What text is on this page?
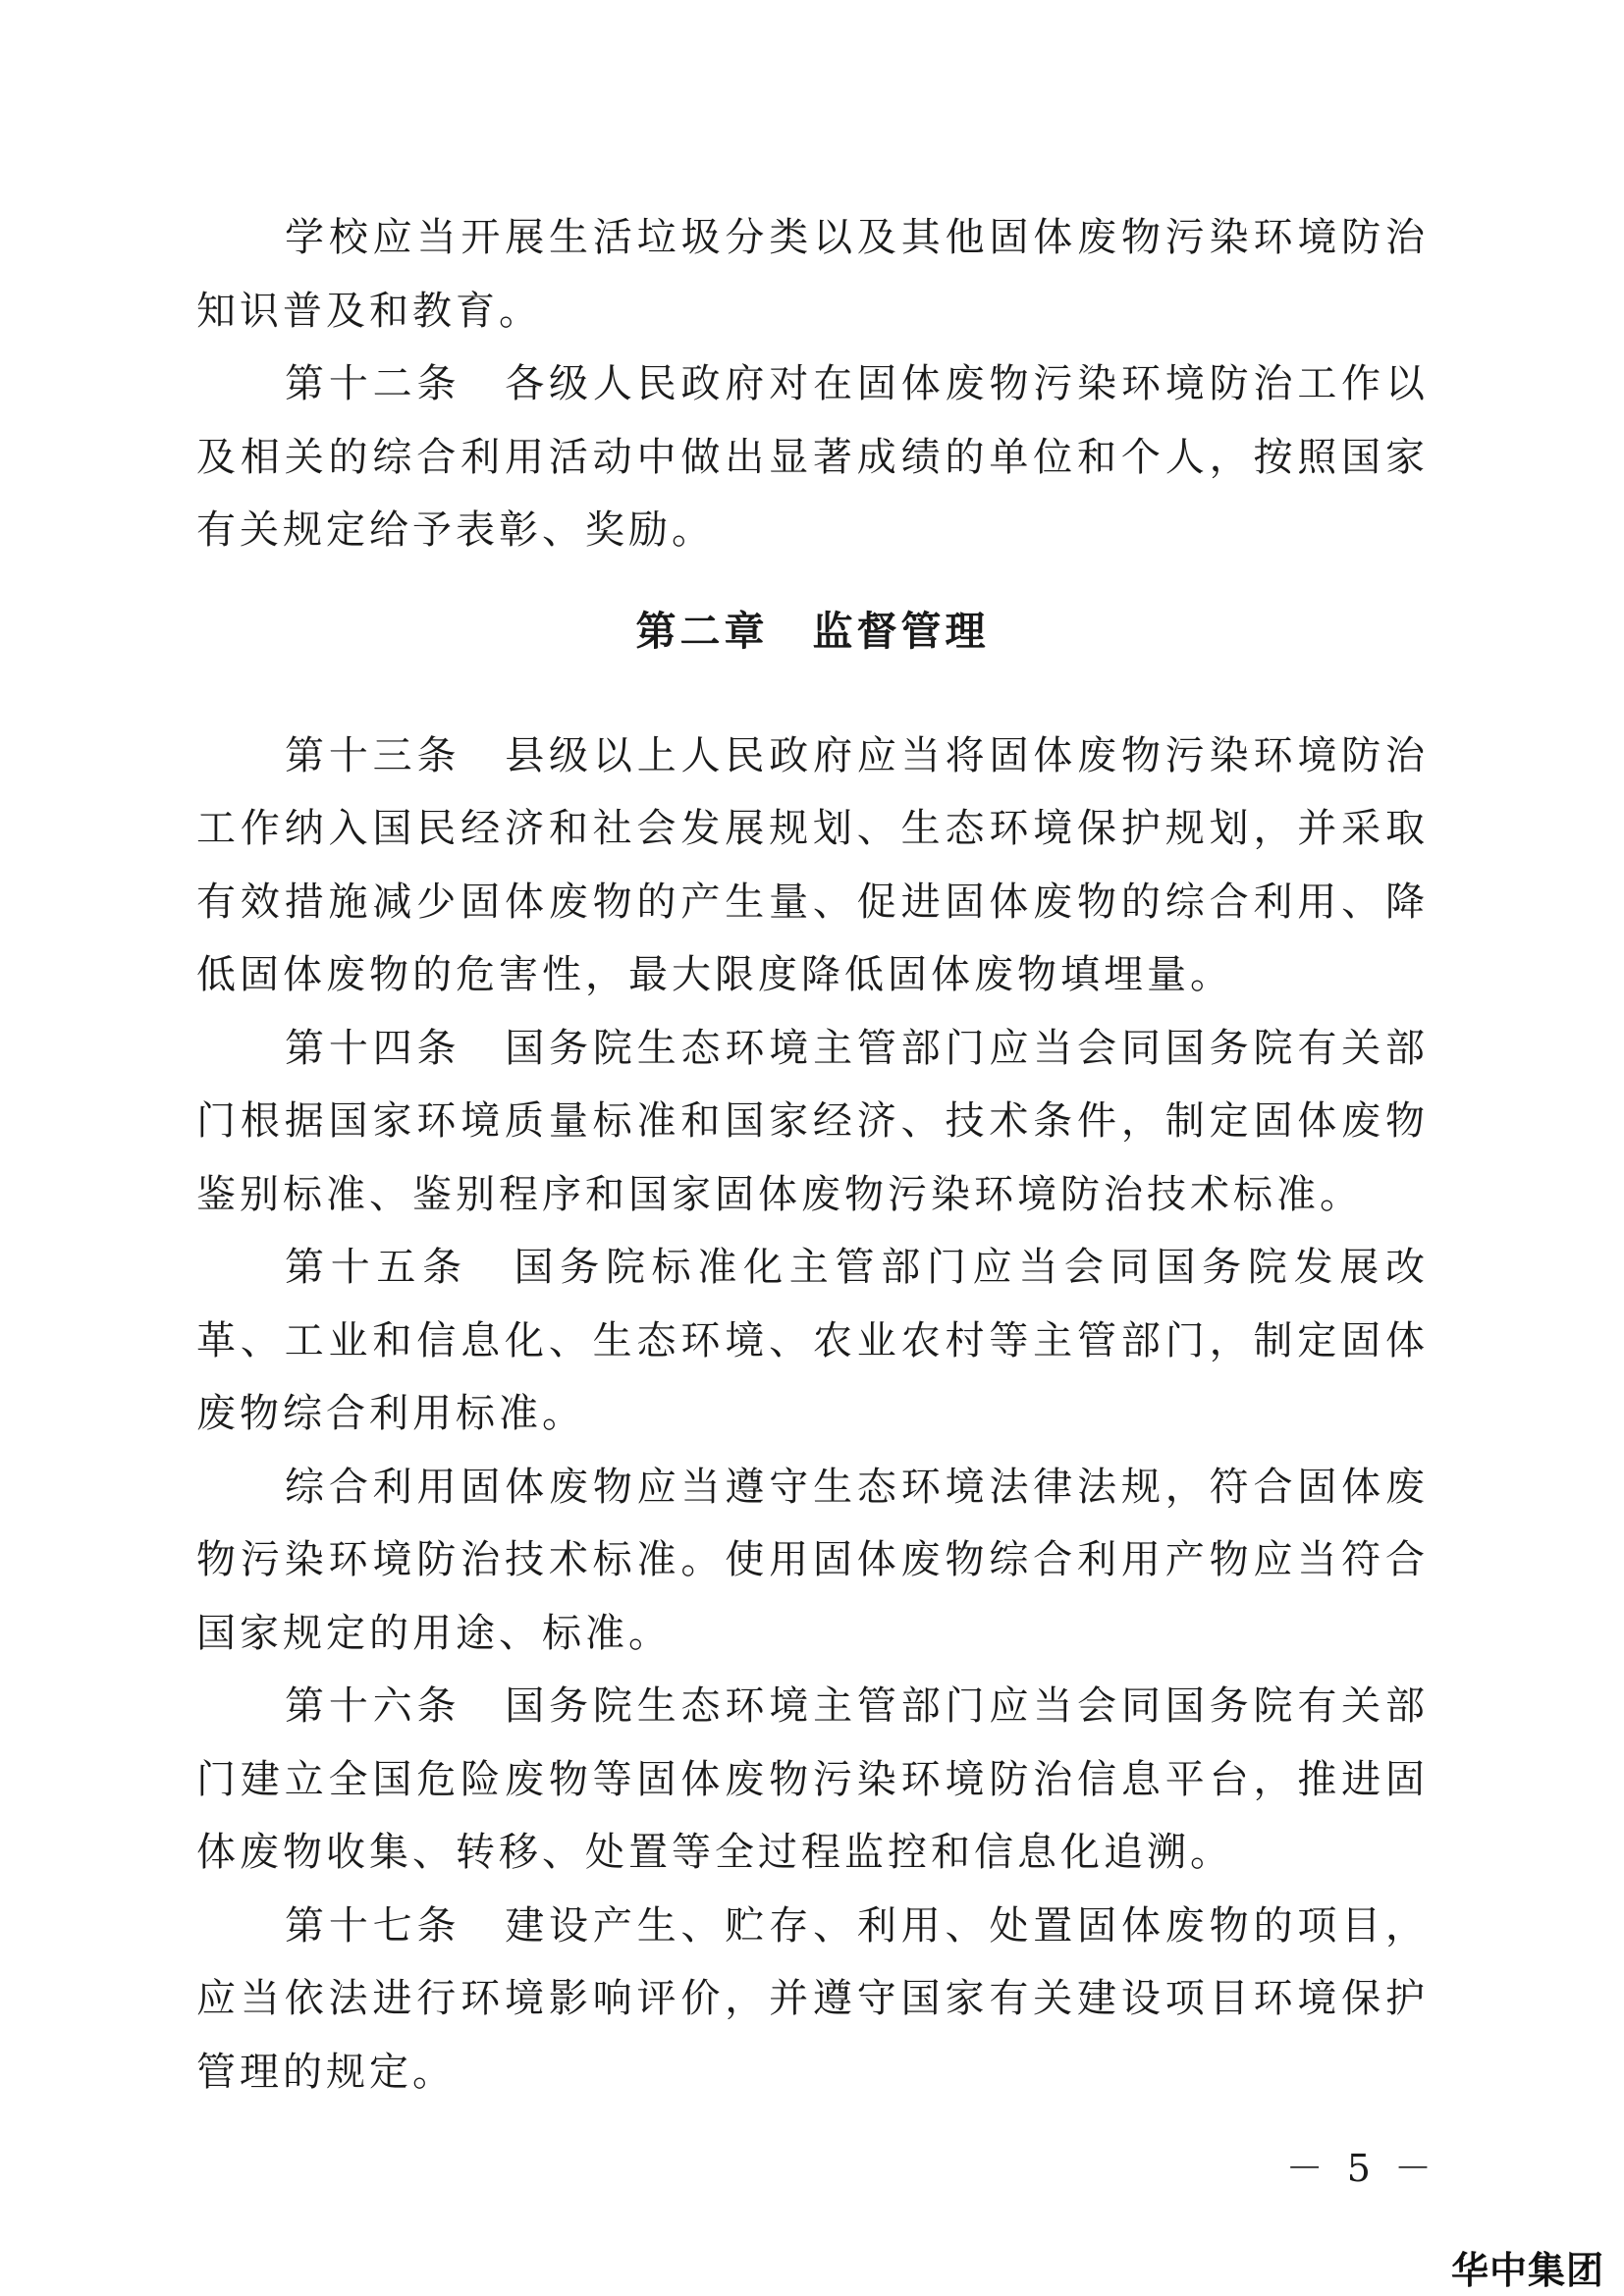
学校应当开展生活垃圾分类以及其他固体废物污染环境防治知识普及和教育。

第十二条　各级人民政府对在固体废物污染环境防治工作以及相关的综合利用活动中做出显著成绩的单位和个人，按照国家有关规定给予表彰、奖励。

第二章　监督管理

第十三条　县级以上人民政府应当将固体废物污染环境防治工作纳入国民经济和社会发展规划、生态环境保护规划，并采取有效措施减少固体废物的产生量、促进固体废物的综合利用、降低固体废物的危害性，最大限度降低固体废物填埋量。

第十四条　国务院生态环境主管部门应当会同国务院有关部门根据国家环境质量标准和国家经济、技术条件，制定固体废物鉴别标准、鉴别程序和国家固体废物污染环境防治技术标准。

第十五条　国务院标准化主管部门应当会同国务院发展改革、工业和信息化、生态环境、农业农村等主管部门，制定固体废物综合利用标准。

综合利用固体废物应当遵守生态环境法律法规，符合固体废物污染环境防治技术标准。使用固体废物综合利用产物应当符合国家规定的用途、标准。

第十六条　国务院生态环境主管部门应当会同国务院有关部门建立全国危险废物等固体废物污染环境防治信息平台，推进固体废物收集、转移、处置等全过程监控和信息化追溯。

第十七条　建设产生、贮存、利用、处置固体废物的项目，应当依法进行环境影响评价，并遵守国家有关建设项目环境保护管理的规定。

－ 5 －
华中集团
